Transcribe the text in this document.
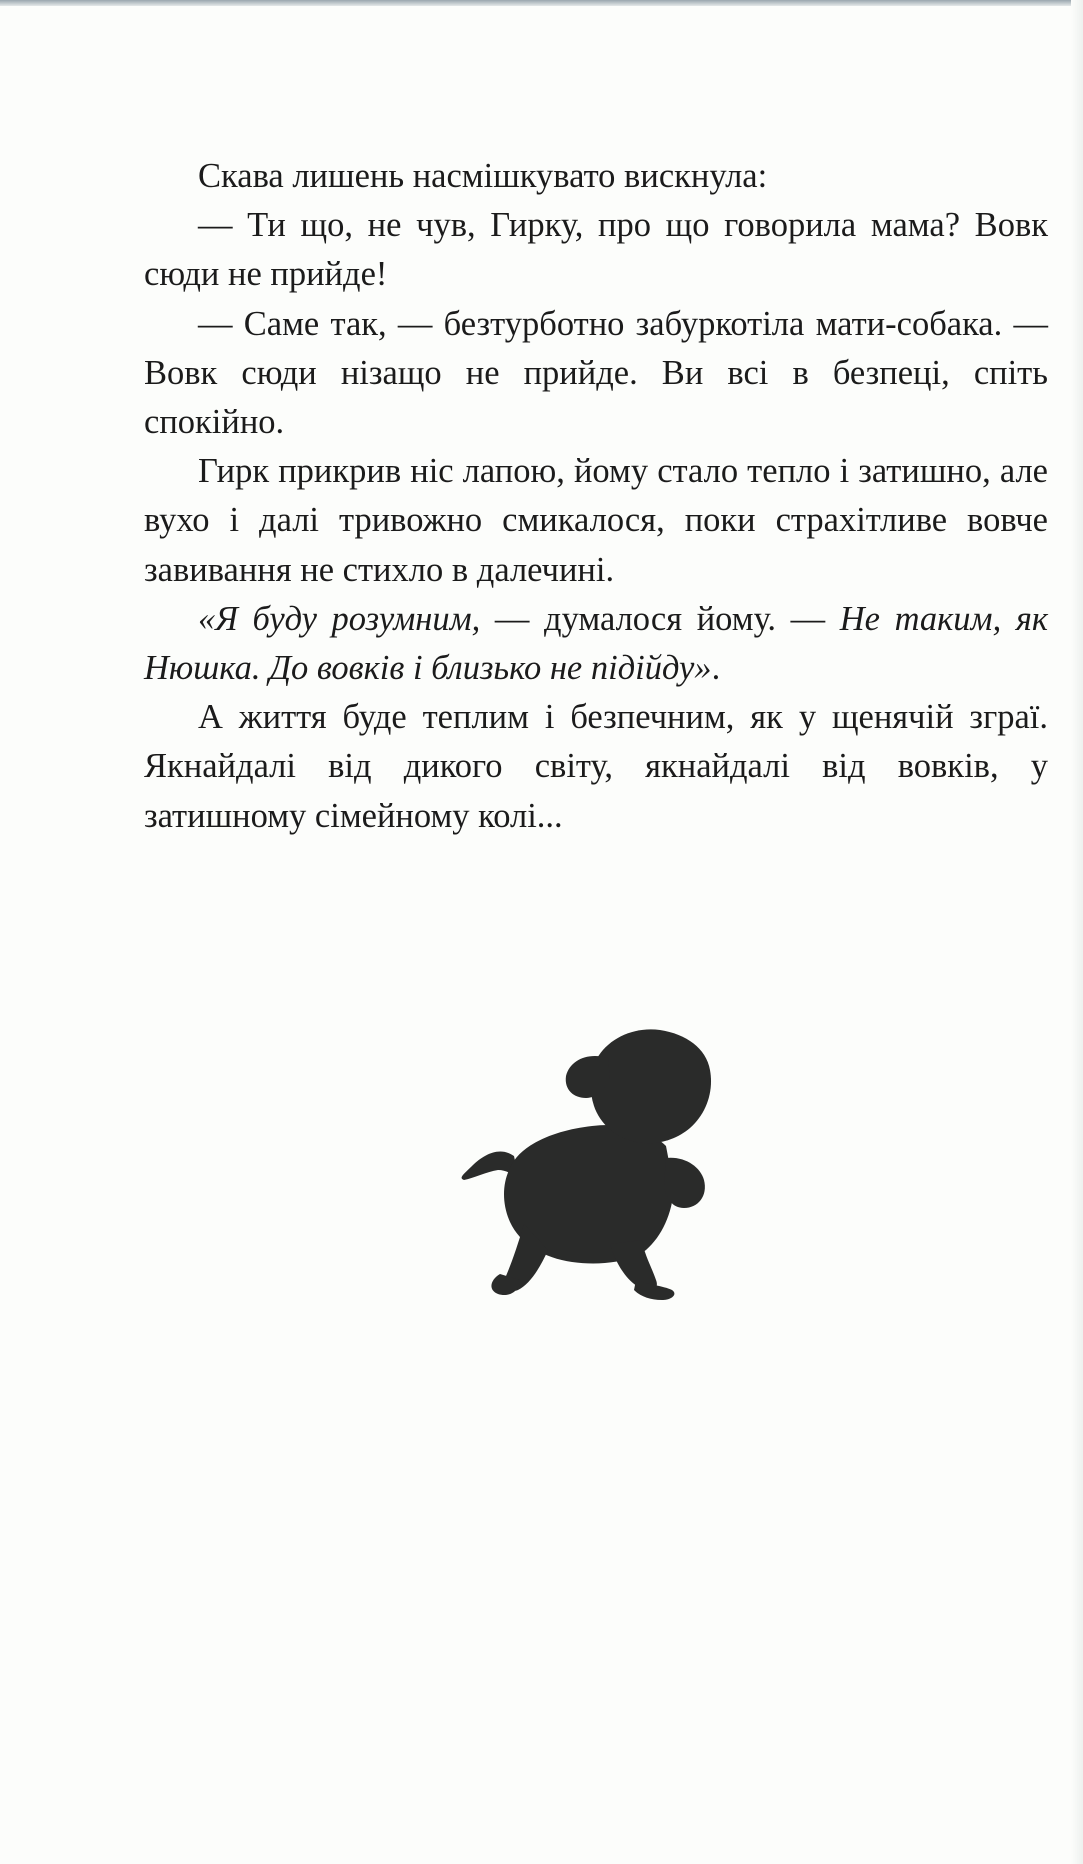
Скава лишень насмішкувато вискнула:

— Ти що, не чув, Гирку, про що говорила мама? Вовк сюди не прийде!

— Саме так, — безтурботно забуркотіла мати-собака. — Вовк сюди нізащо не прийде. Ви всі в безпеці, спіть спокійно.

Гирк прикрив ніс лапою, йому стало тепло і затишно, але вухо і далі тривожно смикалося, поки страхітливе вовче завивання не стихло в далечині.

«Я буду розумним, — думалося йому. — Не таким, як Нюшка. До вовків і близько не підійду».

А життя буде теплим і безпечним, як у щенячій зграї. Якнайдалі від дикого світу, якнайдалі від вовків, у затишному сімейному колі...
